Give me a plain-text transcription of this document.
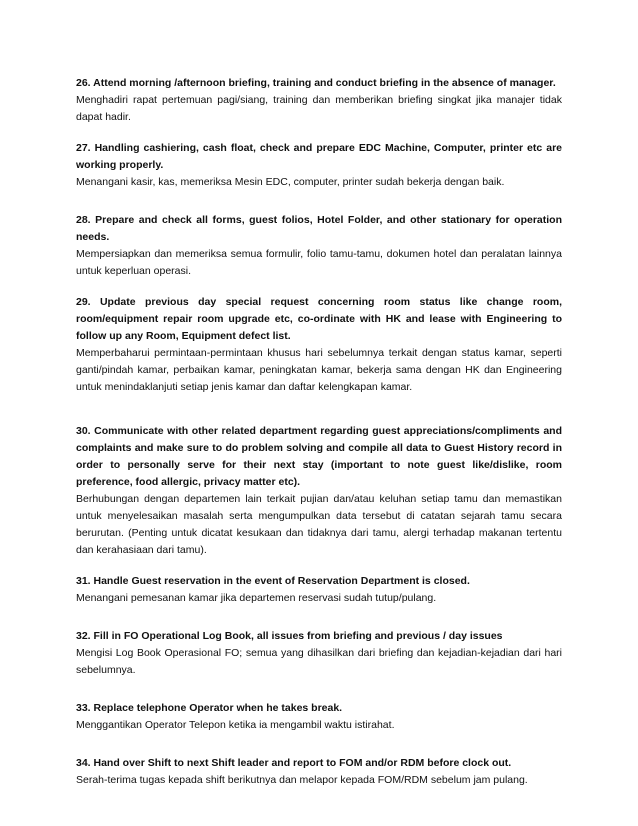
26. Attend morning /afternoon briefing, training and conduct briefing in the absence of manager.

Menghadiri rapat pertemuan pagi/siang, training dan memberikan briefing singkat jika manajer tidak dapat hadir.

27. Handling cashiering, cash float, check and prepare EDC Machine, Computer, printer etc are working properly.

Menangani kasir, kas, memeriksa Mesin EDC, computer, printer sudah bekerja dengan baik.

28. Prepare and check all forms, guest folios, Hotel Folder, and other stationary for operation needs.

Mempersiapkan dan memeriksa semua formulir, folio tamu-tamu, dokumen hotel dan peralatan lainnya untuk keperluan operasi.

29. Update previous day special request concerning room status like change room, room/equipment repair room upgrade etc, co-ordinate with HK and lease with Engineering to follow up any Room, Equipment defect list.

Memperbaharui permintaan-permintaan khusus hari sebelumnya terkait dengan status kamar, seperti ganti/pindah kamar, perbaikan kamar, peningkatan kamar, bekerja sama dengan HK dan Engineering untuk menindaklanjuti setiap jenis kamar dan daftar kelengkapan kamar.

30. Communicate with other related department regarding guest appreciations/compliments and complaints and make sure to do problem solving and compile all data to Guest History record in order to personally serve for their next stay (important to note guest like/dislike, room preference, food allergic, privacy matter etc).

Berhubungan dengan departemen lain terkait pujian dan/atau keluhan setiap tamu dan memastikan untuk menyelesaikan masalah serta mengumpulkan data tersebut di catatan sejarah tamu secara berurutan. (Penting untuk dicatat kesukaan dan tidaknya dari tamu, alergi terhadap makanan tertentu dan kerahasiaan dari tamu).

31. Handle Guest reservation in the event of Reservation Department is closed.

Menangani pemesanan kamar jika departemen reservasi sudah tutup/pulang.

32. Fill in FO Operational Log Book, all issues from briefing and previous / day issues

Mengisi Log Book Operasional FO; semua yang dihasilkan dari briefing dan kejadian-kejadian dari hari sebelumnya.

33. Replace telephone Operator when he takes break.

Menggantikan Operator Telepon ketika ia mengambil waktu istirahat.

34. Hand over Shift to next Shift leader and report to FOM and/or RDM before clock out.

Serah-terima tugas kepada shift berikutnya dan melapor kepada FOM/RDM sebelum jam pulang.
